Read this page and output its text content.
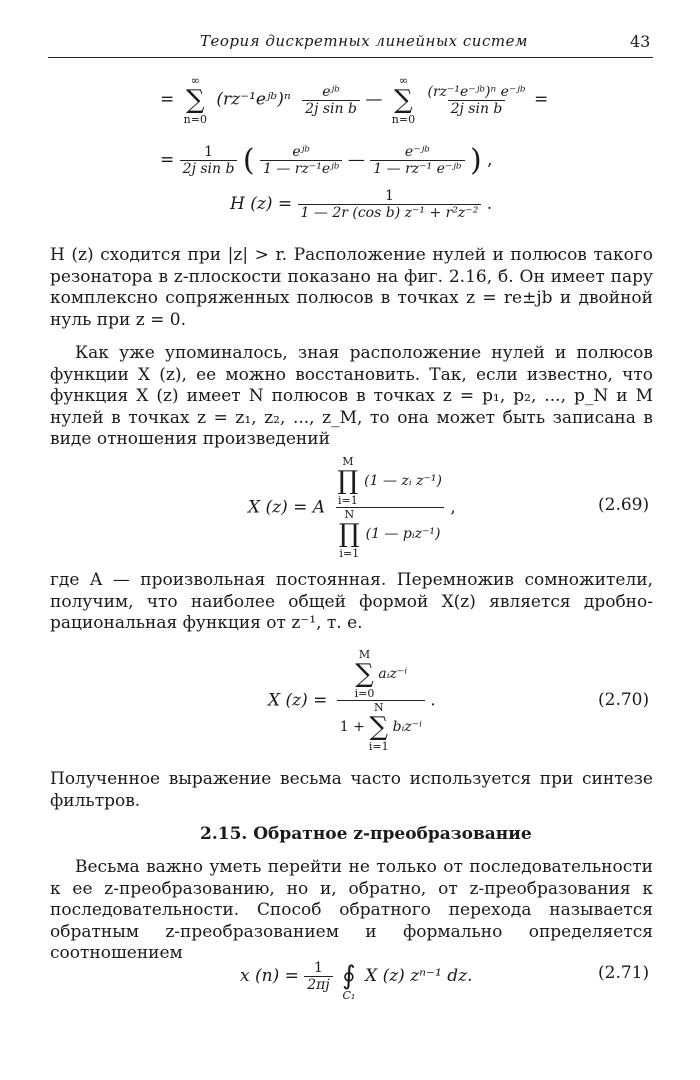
Теория дискретных линейных систем	43
=
∞
∑
n=0
(rz⁻¹eʲᵇ)ⁿ $\frac{\text{eʲᵇ}}{\text{2j sin b}}$ —
∞
∑
n=0

$\frac{\text{(rz⁻¹e⁻ʲᵇ)ⁿ e⁻ʲᵇ}}{\text{2j sin b}}$ =
= $\frac{1}{\text{2j sin b}}$ ( $\frac{\text{eʲᵇ}}{\text{1 — rz⁻¹eʲᵇ}}$ — $\frac{\text{e⁻ʲᵇ}}{\text{1 — rz⁻¹ e⁻ʲᵇ}}$ ) ,
H $(z) = \frac{1}{\text{1 — 2r (cos b) z⁻¹ + r²z⁻²}}$ .

H (z) сходится при |z| > r. Расположение нулей и полюсов такого резонатора в z-плоскости показано на фиг. 2.16, б. Он имеет пару комплексно сопряженных полюсов в точках z = re±jb и двойной нуль при z = 0.

Как уже упоминалось, зная расположение нулей и полюсов функции X (z), ее можно восстановить. Так, если известно, что функция X (z) имеет N полюсов в точках z = p₁, p₂, ..., p_N и M нулей в точках z = z₁, z₂, ..., z_M, то она может быть записана в виде отношения произведений

X (z) = A M
∏
i=1
(1 — zᵢ z⁻¹)
N
∏
i=1
(1 — pᵢz⁻¹) ,	(2.69)

где A — произвольная постоянная. Перемножив сомножители, получим, что наиболее общей формой X(z) является дробно-рациональная функция от z⁻¹, т. е.

X (z) =
M
∑
i=0
aᵢz⁻ⁱ
1 +
N
∑
i=1
bᵢz⁻ⁱ
.	(2.70)

Полученное выражение весьма часто используется при синтезе фильтров.

2.15. Обратное z-преобразование

Весьма важно уметь перейти не только от последовательности к ее z-преобразованию, но и, обратно, от z-преобразования к последовательности. Способ обратного перехода называется обратным z-преобразованием и формально определяется соотношением

x $(n) = \frac{1}{2\pi j}$

∮
C₁
X (z) zⁿ⁻¹ dz.	(2.71)
